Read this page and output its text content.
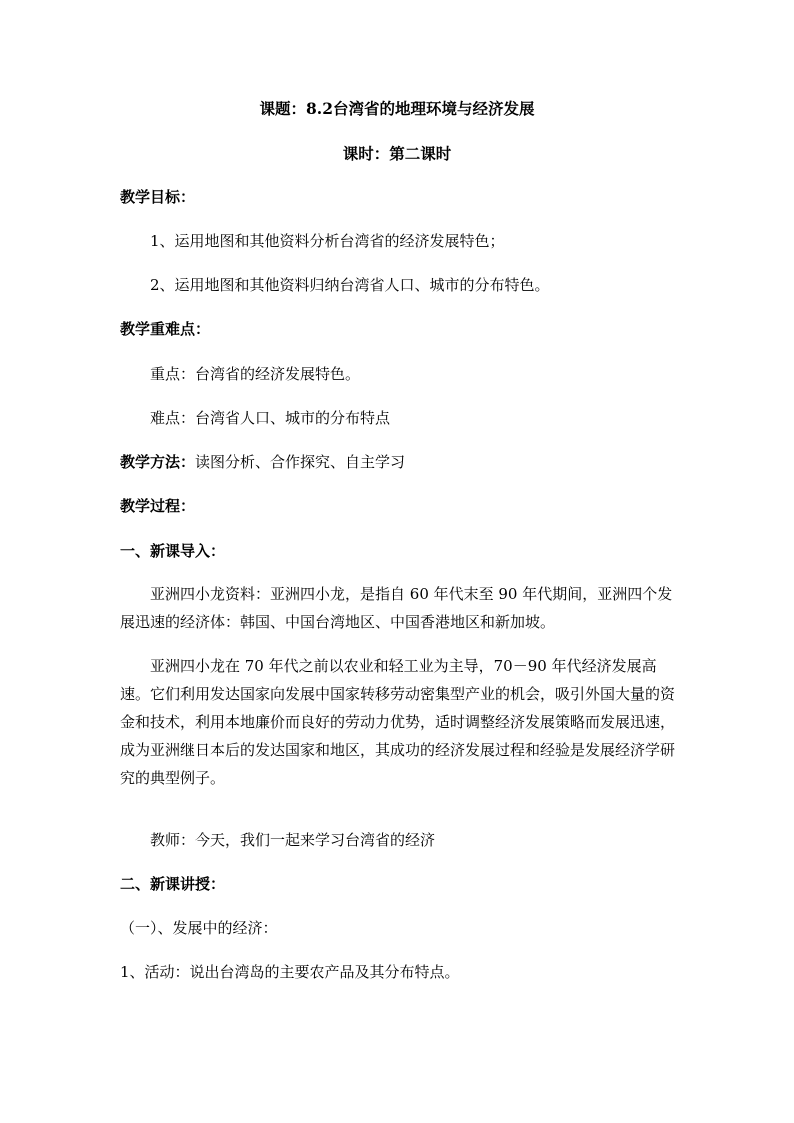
课题：8.2台湾省的地理环境与经济发展
课时：第二课时
教学目标：
1、运用地图和其他资料分析台湾省的经济发展特色；
2、运用地图和其他资料归纳台湾省人口、城市的分布特色。
教学重难点：
重点：台湾省的经济发展特色。
难点：台湾省人口、城市的分布特点
教学方法：读图分析、合作探究、自主学习
教学过程：
一、新课导入：
亚洲四小龙资料：亚洲四小龙，是指自 60 年代末至 90 年代期间，亚洲四个发展迅速的经济体：韩国、中国台湾地区、中国香港地区和新加坡。
亚洲四小龙在 70 年代之前以农业和轻工业为主导，70－90 年代经济发展高速。它们利用发达国家向发展中国家转移劳动密集型产业的机会，吸引外国大量的资金和技术，利用本地廉价而良好的劳动力优势，适时调整经济发展策略而发展迅速，成为亚洲继日本后的发达国家和地区，其成功的经济发展过程和经验是发展经济学研究的典型例子。
教师：今天，我们一起来学习台湾省的经济
二、新课讲授：
（一）、发展中的经济：
1、活动：说出台湾岛的主要农产品及其分布特点。
